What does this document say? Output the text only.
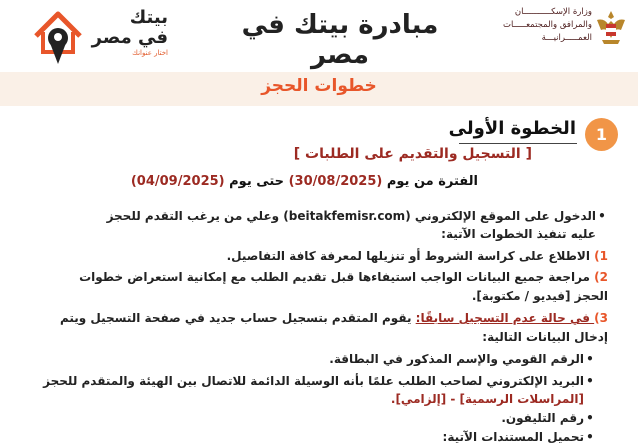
بيتك
في مصر
اختار عنوانك
مبادرة بيتك في مصر
وزارة الإسكـــــــــــان
والمرافق والمجتمعـــــات
العمـــــرانيـــة
خطوات الحجز
1
الخطوة الأولى
[ التسجيل والتقديم على الطلبات ]
الفترة من يوم (30/08/2025) حتى يوم (04/09/2025)
•الدخول على الموقع الإلكتروني (beitakfemisr.com) وعلي من يرغب التقدم للحجز
عليه تنفيذ الخطوات الآتية:
1) الاطلاع على كراسة الشروط أو تنزيلها لمعرفة كافة التفاصيل.
2) مراجعة جميع البيانات الواجب استيفاءها قبل تقديم الطلب مع إمكانية استعراض خطوات
الحجز [فيديو / مكتوبة].
3) في حالة عدم التسجيل سابقًا: يقوم المتقدم بتسجيل حساب جديد في صفحة التسجيل ويتم
إدخال البيانات التالية:
•الرقم القومي والإسم المذكور في البطاقة.
•البريد الإلكتروني لصاحب الطلب علمًا بأنه الوسيلة الدائمة للاتصال بين الهيئة والمتقدم للحجز
[المراسلات الرسمية] - [إلزامي].
•رقم التليفون.
•تحميل المستندات الآتية:
